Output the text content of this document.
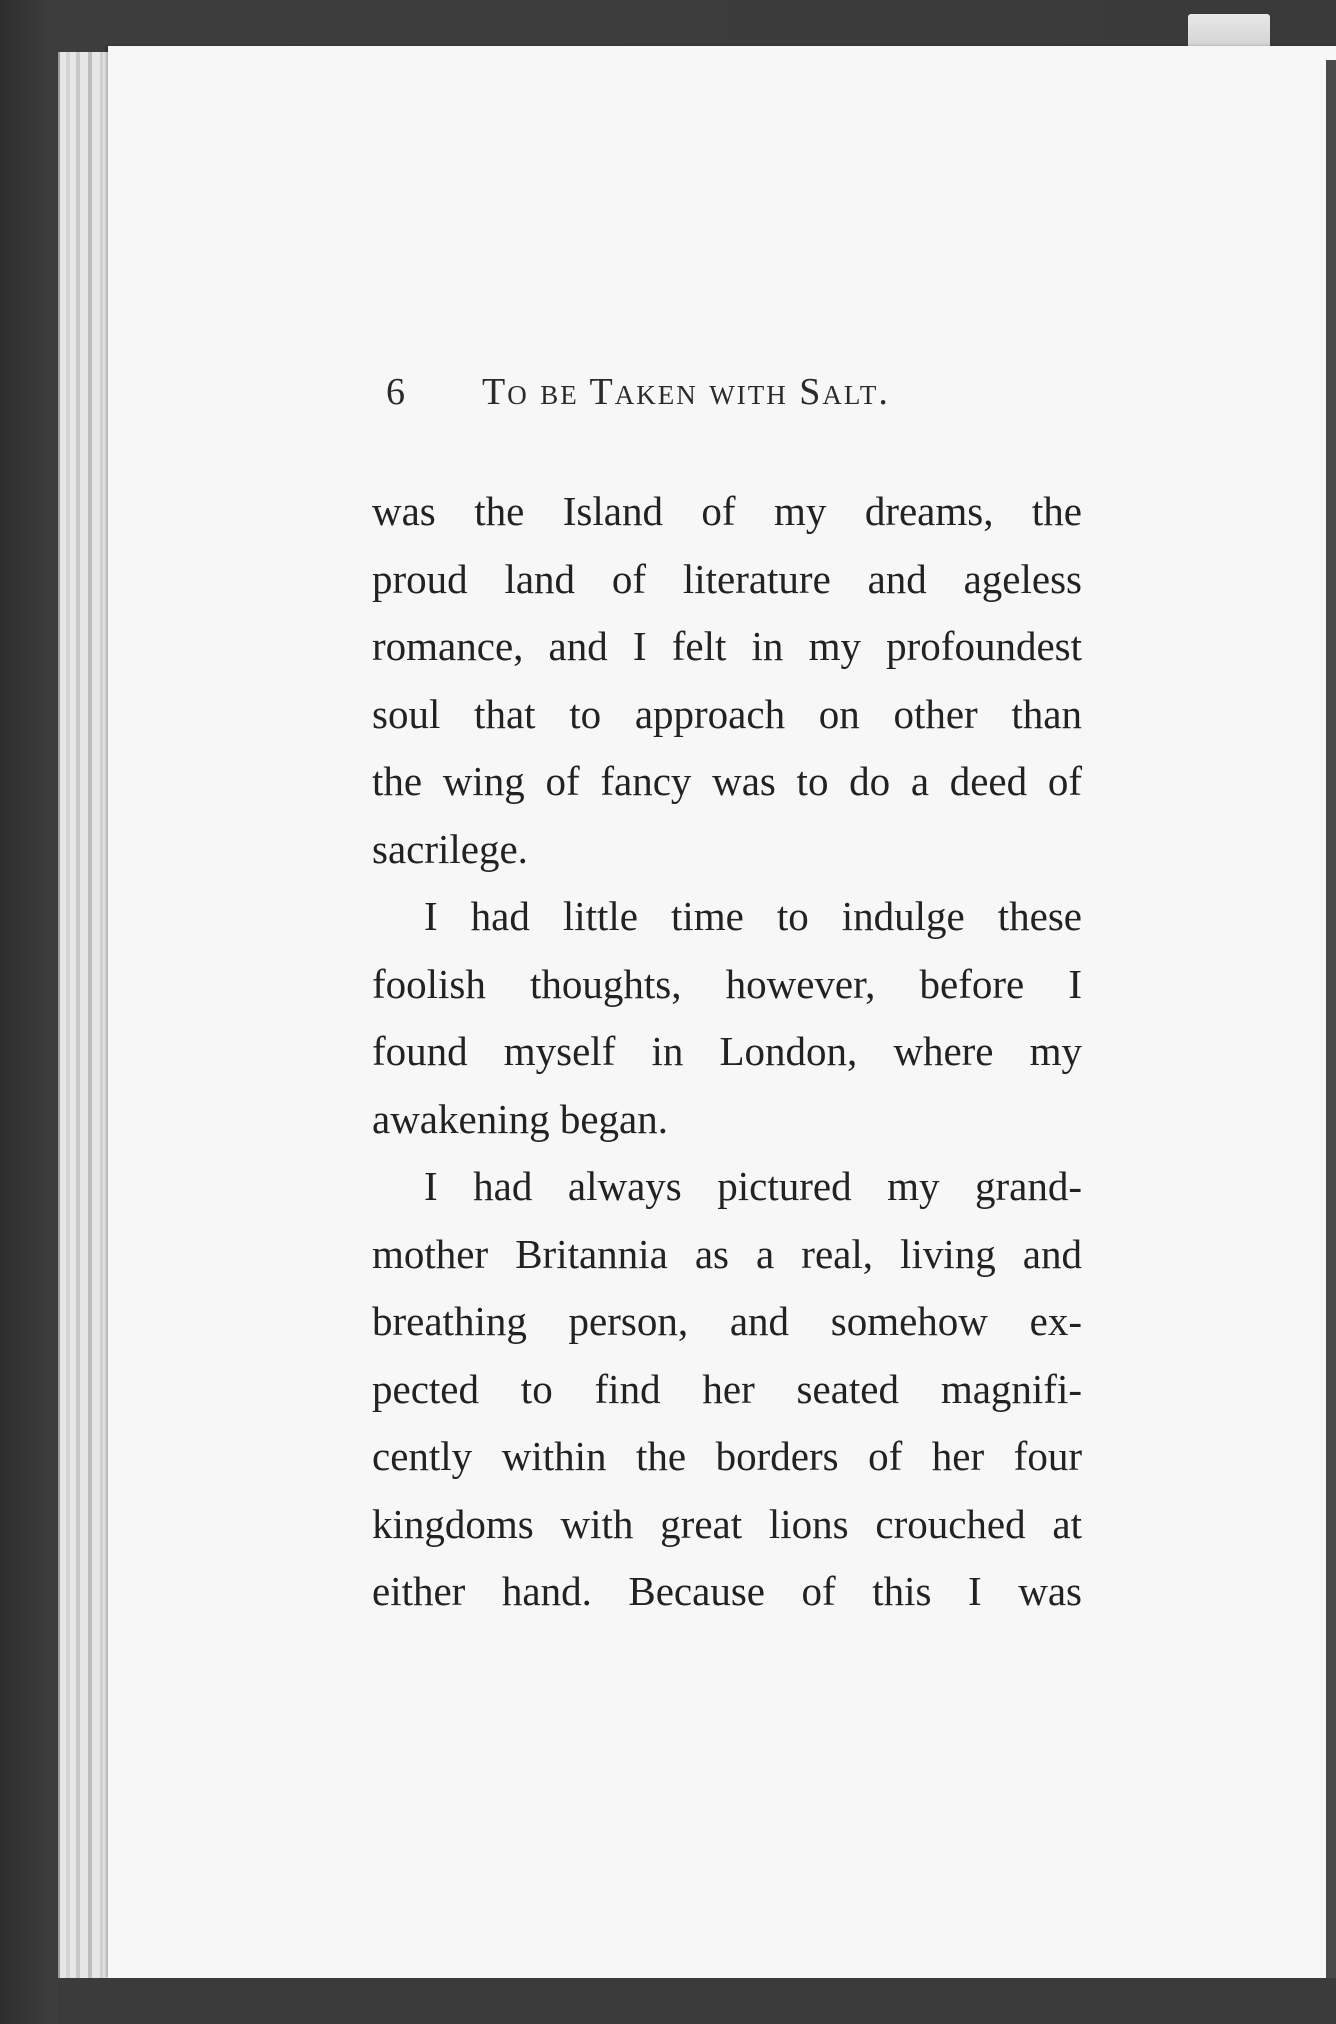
6 To be Taken with Salt.
was the Island of my dreams, the
proud land of literature and ageless
romance, and I felt in my profoundest
soul that to approach on other than
the wing of fancy was to do a deed of
sacrilege.
I had little time to indulge these
foolish thoughts, however, before I
found myself in London, where my
awakening began.
I had always pictured my grand-
mother Britannia as a real, living and
breathing person, and somehow ex-
pected to find her seated magnifi-
cently within the borders of her four
kingdoms with great lions crouched at
either hand. Because of this I was
